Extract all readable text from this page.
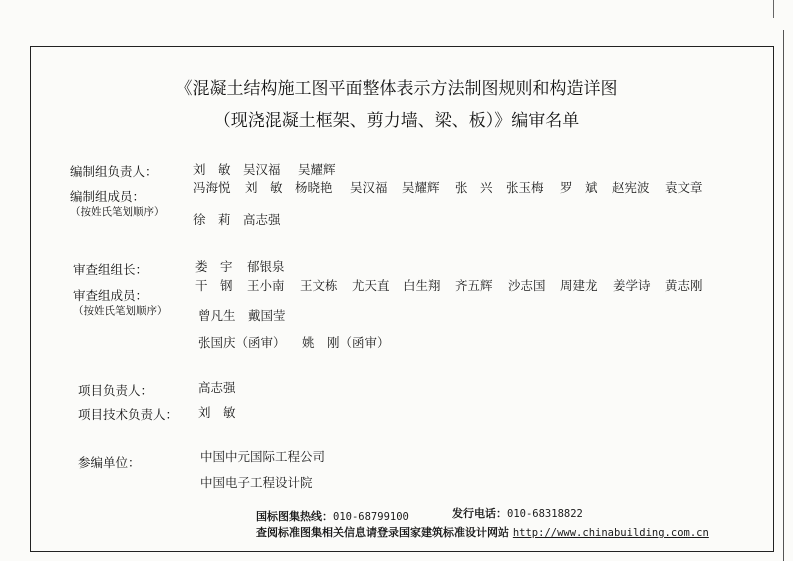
《混凝土结构施工图平面整体表示方法制图规则和构造详图
（现浇混凝土框架、剪力墙、梁、板）》编审名单
编制组负责人：	刘　敏 吴汉福 吴耀辉
编制组成员：
（按姓氏笔划顺序）
冯海悦 刘　敏 杨晓艳 吴汉福 吴耀辉 张　兴 张玉梅 罗　斌 赵宪波 袁文章
徐　莉 高志强
审查组组长：	娄　宇 郁银泉
审查组成员：
（按姓氏笔划顺序）
干　钢 王小南 王文栋 尤天直 白生翔 齐五辉 沙志国 周建龙 姜学诗 黄志刚
曾凡生 戴国莹
张国庆（函审） 姚　刚（函审）
项目负责人：	高志强
项目技术负责人： 刘　敏
参编单位：	中国中元国际工程公司
中国电子工程设计院
国标图集热线：010-68799100	发行电话：010-68318822
查阅标准图集相关信息请登录国家建筑标准设计网站 http://www.chinabuilding.com.cn
